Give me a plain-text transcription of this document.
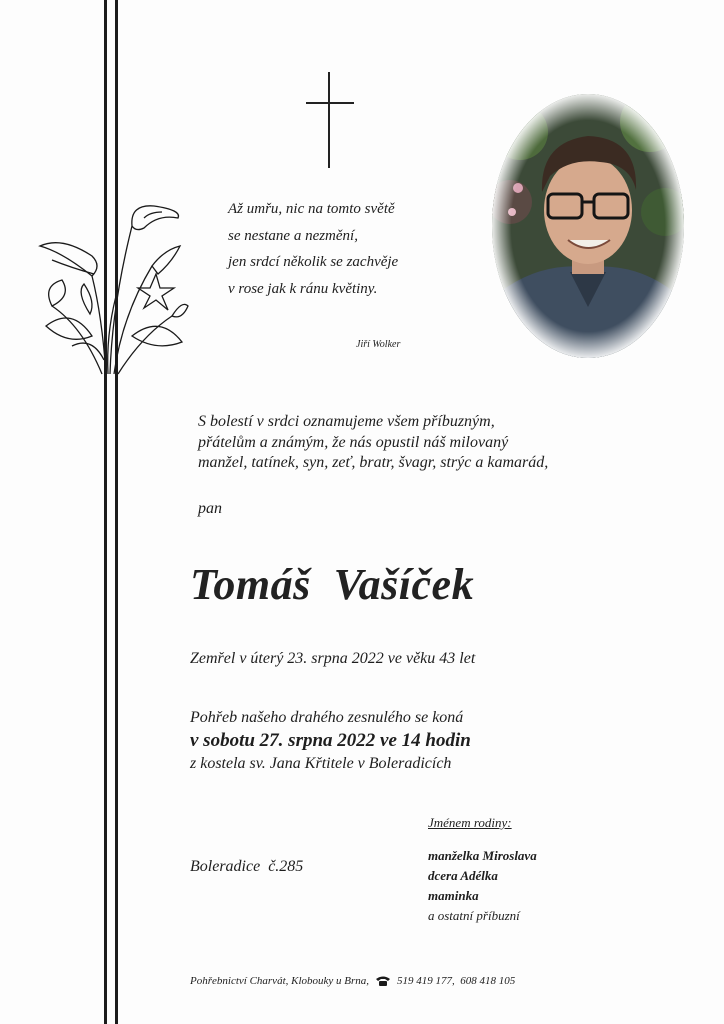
Až umřu, nic na tomto světě
se nestane a nezmění,
jen srdcí několik se zachvěje
v rose jak k ránu květiny.
Jiří Wolker
S bolestí v srdci oznamujeme všem příbuzným,
přátelům a známým, že nás opustil náš milovaný
manžel, tatínek, syn, zeť, bratr, švagr, strýc a kamarád,
pan
Tomáš  Vašíček
Zemřel v úterý 23. srpna 2022 ve věku 43 let
Pohřeb našeho drahého zesnulého se koná
v sobotu 27. srpna 2022 ve 14 hodin
z kostela sv. Jana Křtitele v Boleradicích
Jménem rodiny:
manželka Miroslava
dcera Adélka
maminka
a ostatní příbuzní
Boleradice  č.285
Pohřebnictví Charvát, Klobouky u Brna,	519 419 177,  608 418 105
